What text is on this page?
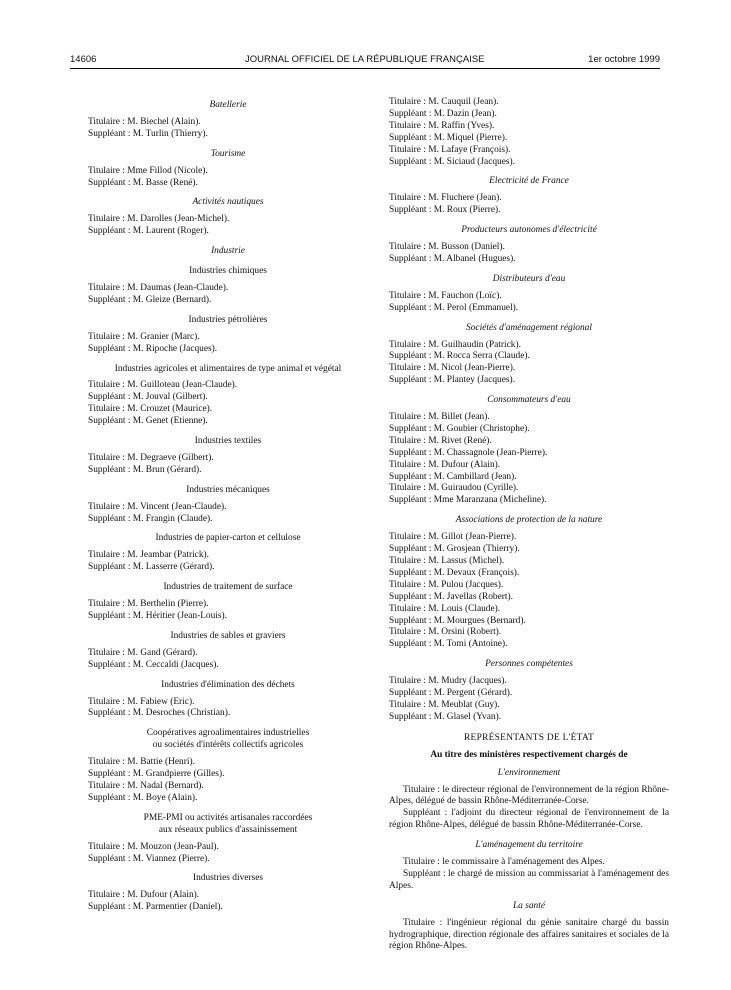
14606	JOURNAL OFFICIEL DE LA RÉPUBLIQUE FRANÇAISE	1er octobre 1999
Batellerie
Titulaire : M. Biechel (Alain).
Suppléant : M. Turlin (Thierry).
Tourisme
Titulaire : Mme Fillod (Nicole).
Suppléant : M. Basse (René).
Activités nautiques
Titulaire : M. Darolles (Jean-Michel).
Suppléant : M. Laurent (Roger).
Industrie
Industries chimiques
Titulaire : M. Daumas (Jean-Claude).
Suppléant : M. Gleize (Bernard).
Industries pétrolières
Titulaire : M. Granier (Marc).
Suppléant : M. Ripoche (Jacques).
Industries agricoles et alimentaires de type animal et végétal
Titulaire : M. Guilloteau (Jean-Claude).
Suppléant : M. Jouval (Gilbert).
Titulaire : M. Crouzet (Maurice).
Suppléant : M. Genet (Etienne).
Industries textiles
Titulaire : M. Degraeve (Gilbert).
Suppléant : M. Brun (Gérard).
Industries mécaniques
Titulaire : M. Vincent (Jean-Claude).
Suppléant : M. Frangin (Claude).
Industries de papier-carton et cellulose
Titulaire : M. Jeambar (Patrick).
Suppléant : M. Lasserre (Gérard).
Industries de traitement de surface
Titulaire : M. Berthelin (Pierre).
Suppléant : M. Héritier (Jean-Louis).
Industries de sables et graviers
Titulaire : M. Gand (Gérard).
Suppléant : M. Ceccaldi (Jacques).
Industries d'élimination des déchets
Titulaire : M. Fabiew (Eric).
Suppléant : M. Desroches (Christian).
Coopératives agroalimentaires industrielles
ou sociétés d'intérêts collectifs agricoles
Titulaire : M. Battie (Henri).
Suppléant : M. Grandpierre (Gilles).
Titulaire : M. Nadal (Bernard).
Suppléant : M. Boye (Alain).
PME-PMI ou activités artisanales raccordées
aux réseaux publics d'assainissement
Titulaire : M. Mouzon (Jean-Paul).
Suppléant : M. Viannez (Pierre).
Industries diverses
Titulaire : M. Dufour (Alain).
Suppléant : M. Parmentier (Daniel).
Titulaire : M. Cauquil (Jean).
Suppléant : M. Dazin (Jean).
Titulaire : M. Raffin (Yves).
Suppléant : M. Miquel (Pierre).
Titulaire : M. Lafaye (François).
Suppléant : M. Siciaud (Jacques).
Electricité de France
Titulaire : M. Fluchere (Jean).
Suppléant : M. Roux (Pierre).
Producteurs autonomes d'électricité
Titulaire : M. Busson (Daniel).
Suppléant : M. Albanel (Hugues).
Distributeurs d'eau
Titulaire : M. Fauchon (Loïc).
Suppléant : M. Perol (Emmanuel).
Sociétés d'aménagement régional
Titulaire : M. Guilhaudin (Patrick).
Suppléant : M. Rocca Serra (Claude).
Titulaire : M. Nicol (Jean-Pierre).
Suppléant : M. Plantey (Jacques).
Consommateurs d'eau
Titulaire : M. Billet (Jean).
Suppléant : M. Goubier (Christophe).
Titulaire : M. Rivet (René).
Suppléant : M. Chassagnole (Jean-Pierre).
Titulaire : M. Dufour (Alain).
Suppléant : M. Cambillard (Jean).
Titulaire : M. Guiraudou (Cyrille).
Suppléant : Mme Maranzana (Micheline).
Associations de protection de la nature
Titulaire : M. Gillot (Jean-Pierre).
Suppléant : M. Grosjean (Thierry).
Titulaire : M. Lassus (Michel).
Suppléant : M. Devaux (François).
Titulaire : M. Pulou (Jacques).
Suppléant : M. Javellas (Robert).
Titulaire : M. Louis (Claude).
Suppléant : M. Mourgues (Bernard).
Titulaire : M. Orsini (Robert).
Suppléant : M. Tomi (Antoine).
Personnes compétentes
Titulaire : M. Mudry (Jacques).
Suppléant : M. Pergent (Gérard).
Titulaire : M. Meublat (Guy).
Suppléant : M. Glasel (Yvan).
REPRÉSENTANTS DE L'ÉTAT
Au titre des ministères respectivement chargés de
L'environnement

Titulaire : le directeur régional de l'environnement de la région Rhône-Alpes, délégué de bassin Rhône-Méditerranée-Corse.

Suppléant : l'adjoint du directeur régional de l'environnement de la région Rhône-Alpes, délégué de bassin Rhône-Méditerranée-Corse.

L'aménagement du territoire

Titulaire : le commissaire à l'aménagement des Alpes.

Suppléant : le chargé de mission au commissariat à l'aménagement des Alpes.

La santé

Titulaire : l'ingénieur régional du génie sanitaire chargé du bassin hydrographique, direction régionale des affaires sanitaires et sociales de la région Rhône-Alpes.
